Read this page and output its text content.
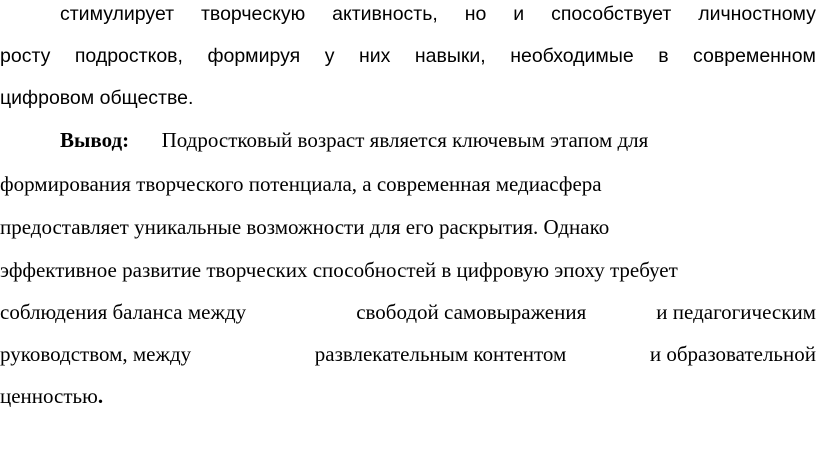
стимулирует творческую активность, но и способствует личностному
росту подростков, формируя у них навыки, необходимые в современном
цифровом обществе.
Вывод: Подростковый возраст является ключевым этапом для
формирования творческого потенциала, а современная медиасфера
предоставляет уникальные возможности для его раскрытия. Однако
эффективное развитие творческих способностей в цифровую эпоху требует
соблюдения баланса между	свободой самовыражения	и педагогическим
руководством, между	развлекательным контентом	и образовательной
ценностью.
